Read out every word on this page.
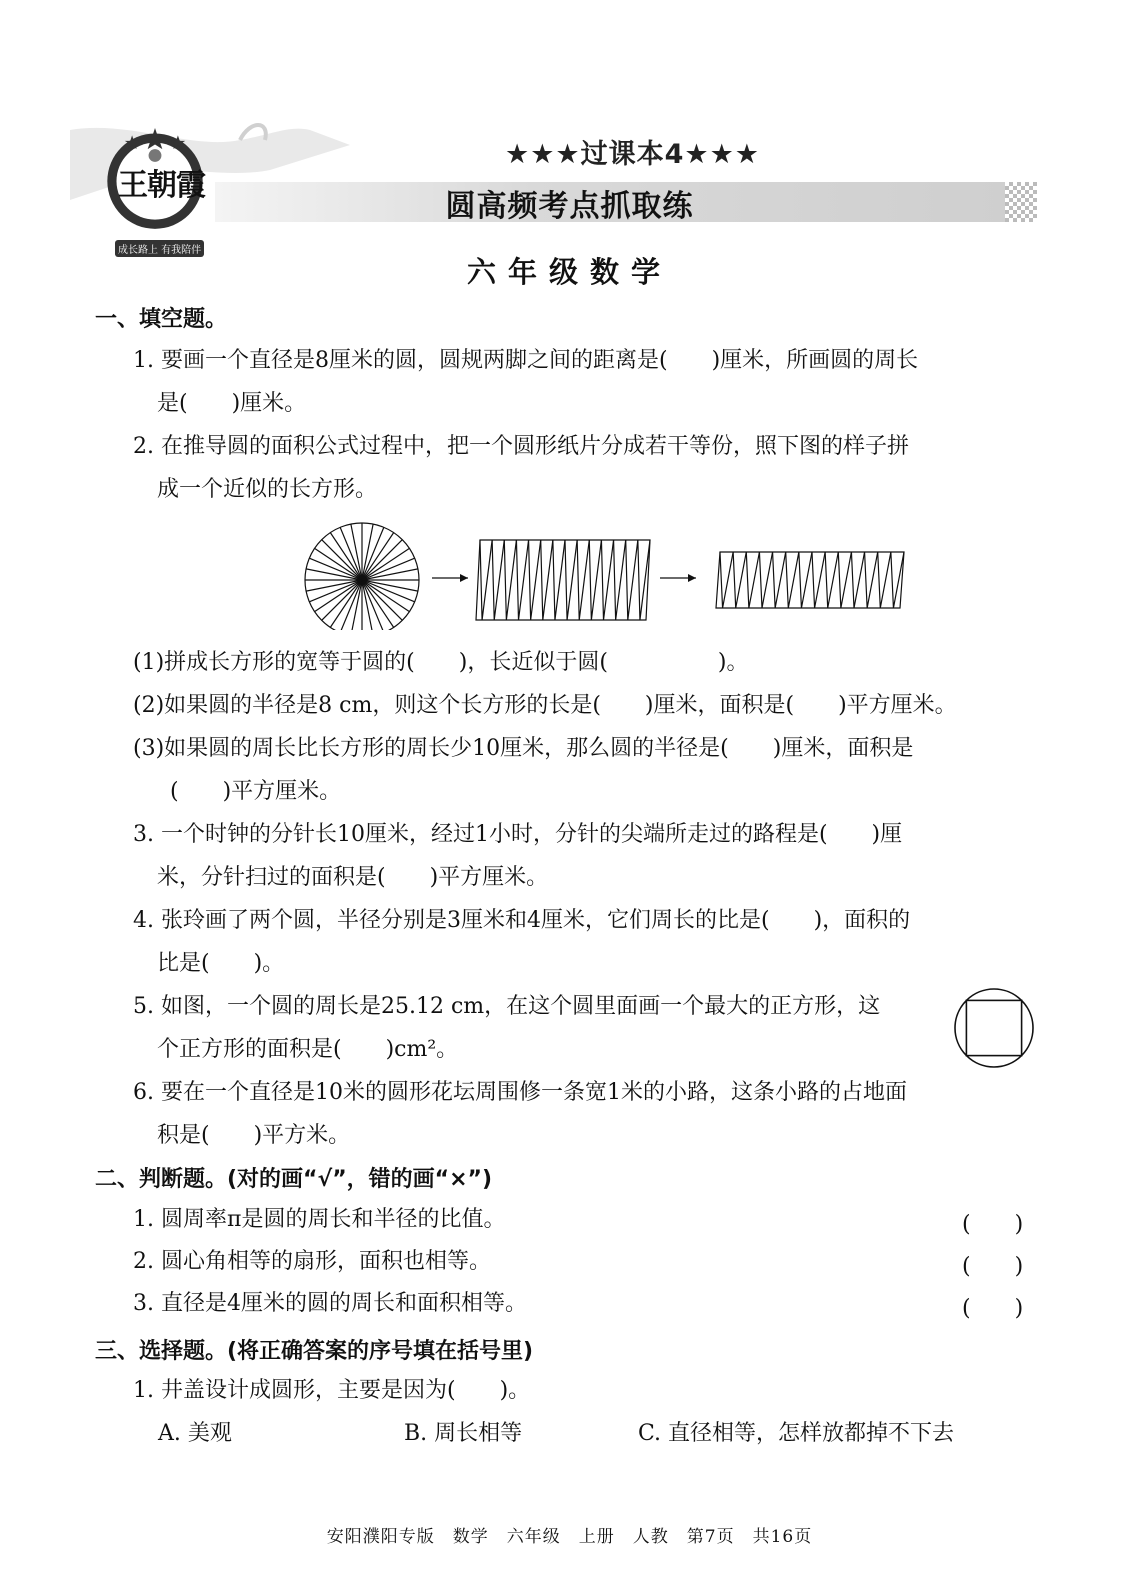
王朝霞
成长路上 有我陪伴
★★★过课本4★★★
圆高频考点抓取练
六年级数学
一、填空题。
1. 要画一个直径是8厘米的圆，圆规两脚之间的距离是(　　)厘米，所画圆的周长
是(　　)厘米。
2. 在推导圆的面积公式过程中，把一个圆形纸片分成若干等份，照下图的样子拼
成一个近似的长方形。
(1)拼成长方形的宽等于圆的(　　)，长近似于圆(　　　　　)。
(2)如果圆的半径是8 cm，则这个长方形的长是(　　)厘米，面积是(　　)平方厘米。
(3)如果圆的周长比长方形的周长少10厘米，那么圆的半径是(　　)厘米，面积是
(　　)平方厘米。
3. 一个时钟的分针长10厘米，经过1小时，分针的尖端所走过的路程是(　　)厘
米，分针扫过的面积是(　　)平方厘米。
4. 张玲画了两个圆，半径分别是3厘米和4厘米，它们周长的比是(　　)，面积的
比是(　　)。
5. 如图，一个圆的周长是25.12 cm，在这个圆里面画一个最大的正方形，这
个正方形的面积是(　　)cm²。
6. 要在一个直径是10米的圆形花坛周围修一条宽1米的小路，这条小路的占地面
积是(　　)平方米。
二、判断题。(对的画“√”，错的画“×”)
1. 圆周率π是圆的周长和半径的比值。	(　　)
2. 圆心角相等的扇形，面积也相等。	(　　)
3. 直径是4厘米的圆的周长和面积相等。	(　　)
三、选择题。(将正确答案的序号填在括号里)
1. 井盖设计成圆形，主要是因为(　　)。
A. 美观	B. 周长相等	C. 直径相等，怎样放都掉不下去
安阳濮阳专版　数学　六年级　上册　人教　第7页　共16页
